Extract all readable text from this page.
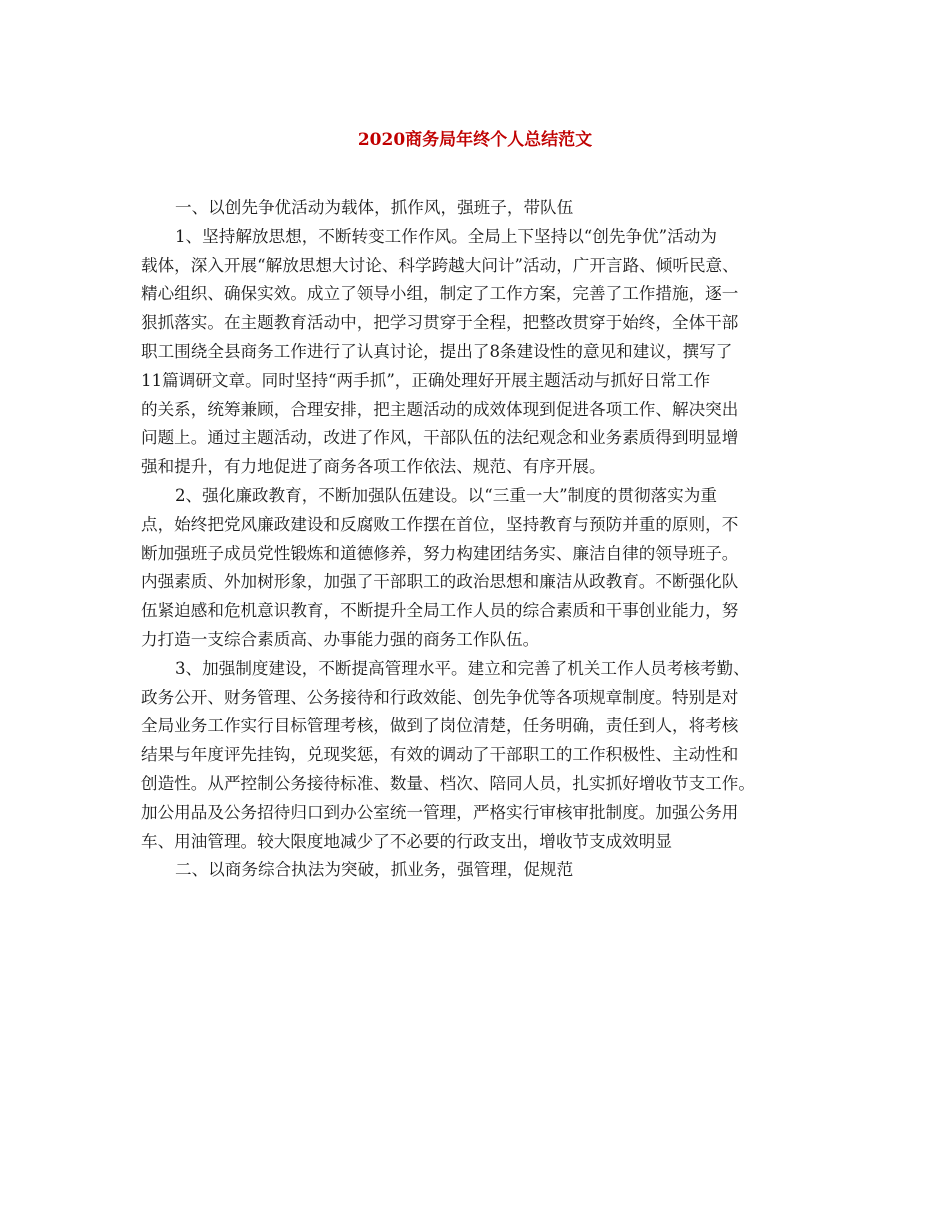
2020商务局年终个人总结范文

一、以创先争优活动为载体，抓作风，强班子，带队伍

1、坚持解放思想，不断转变工作作风。全局上下坚持以“创先争优”活动为
载体，深入开展“解放思想大讨论、科学跨越大问计”活动，广开言路、倾听民意、
精心组织、确保实效。成立了领导小组，制定了工作方案，完善了工作措施，逐一
狠抓落实。在主题教育活动中，把学习贯穿于全程，把整改贯穿于始终，全体干部
职工围绕全县商务工作进行了认真讨论，提出了8条建设性的意见和建议，撰写了
11篇调研文章。同时坚持“两手抓”，正确处理好开展主题活动与抓好日常工作
的关系，统筹兼顾，合理安排，把主题活动的成效体现到促进各项工作、解决突出
问题上。通过主题活动，改进了作风，干部队伍的法纪观念和业务素质得到明显增
强和提升，有力地促进了商务各项工作依法、规范、有序开展。

2、强化廉政教育，不断加强队伍建设。以“三重一大”制度的贯彻落实为重
点，始终把党风廉政建设和反腐败工作摆在首位，坚持教育与预防并重的原则，不
断加强班子成员党性锻炼和道德修养，努力构建团结务实、廉洁自律的领导班子。
内强素质、外加树形象，加强了干部职工的政治思想和廉洁从政教育。不断强化队
伍紧迫感和危机意识教育，不断提升全局工作人员的综合素质和干事创业能力，努
力打造一支综合素质高、办事能力强的商务工作队伍。

3、加强制度建设，不断提高管理水平。建立和完善了机关工作人员考核考勤、
政务公开、财务管理、公务接待和行政效能、创先争优等各项规章制度。特别是对
全局业务工作实行目标管理考核，做到了岗位清楚，任务明确，责任到人，将考核
结果与年度评先挂钩，兑现奖惩，有效的调动了干部职工的工作积极性、主动性和
创造性。从严控制公务接待标准、数量、档次、陪同人员，扎实抓好增收节支工作。
加公用品及公务招待归口到办公室统一管理，严格实行审核审批制度。加强公务用
车、用油管理。较大限度地减少了不必要的行政支出，增收节支成效明显

二、以商务综合执法为突破，抓业务，强管理，促规范
